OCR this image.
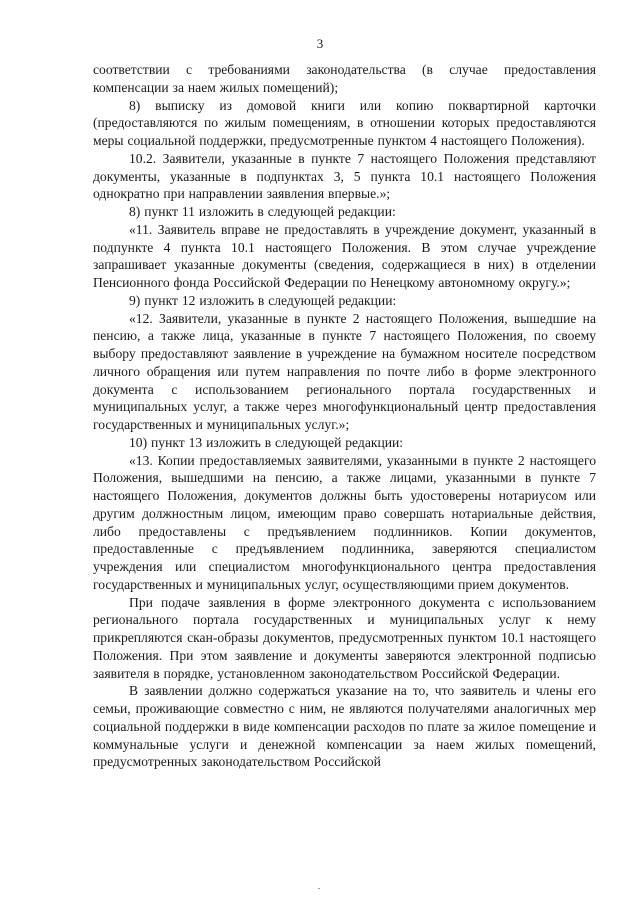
3

соответствии с требованиями законодательства (в случае предоставления компенсации за наем жилых помещений);

8) выписку из домовой книги или копию поквартирной карточки (предоставляются по жилым помещениям, в отношении которых предоставляются меры социальной поддержки, предусмотренные пунктом 4 настоящего Положения).

10.2. Заявители, указанные в пункте 7 настоящего Положения представляют документы, указанные в подпунктах 3, 5 пункта 10.1 настоящего Положения однократно при направлении заявления впервые.»;

8) пункт 11 изложить в следующей редакции:

«11. Заявитель вправе не предоставлять в учреждение документ, указанный в подпункте 4 пункта 10.1 настоящего Положения. В этом случае учреждение запрашивает указанные документы (сведения, содержащиеся в них) в отделении Пенсионного фонда Российской Федерации по Ненецкому автономному округу.»;

9) пункт 12 изложить в следующей редакции:

«12. Заявители, указанные в пункте 2 настоящего Положения, вышедшие на пенсию, а также лица, указанные в пункте 7 настоящего Положения, по своему выбору предоставляют заявление в учреждение на бумажном носителе посредством личного обращения или путем направления по почте либо в форме электронного документа с использованием регионального портала государственных и муниципальных услуг, а также через многофункциональный центр предоставления государственных и муниципальных услуг.»;

10) пункт 13 изложить в следующей редакции:

«13. Копии предоставляемых заявителями, указанными в пункте 2 настоящего Положения, вышедшими на пенсию, а также лицами, указанными в пункте 7 настоящего Положения, документов должны быть удостоверены нотариусом или другим должностным лицом, имеющим право совершать нотариальные действия, либо предоставлены с предъявлением подлинников. Копии документов, предоставленные с предъявлением подлинника, заверяются специалистом учреждения или специалистом многофункционального центра предоставления государственных и муниципальных услуг, осуществляющими прием документов.

При подаче заявления в форме электронного документа с использованием регионального портала государственных и муниципальных услуг к нему прикрепляются скан-образы документов, предусмотренных пунктом 10.1 настоящего Положения. При этом заявление и документы заверяются электронной подписью заявителя в порядке, установленном законодательством Российской Федерации.

В заявлении должно содержаться указание на то, что заявитель и члены его семьи, проживающие совместно с ним, не являются получателями аналогичных мер социальной поддержки в виде компенсации расходов по плате за жилое помещение и коммунальные услуги и денежной компенсации за наем жилых помещений, предусмотренных законодательством Российской
